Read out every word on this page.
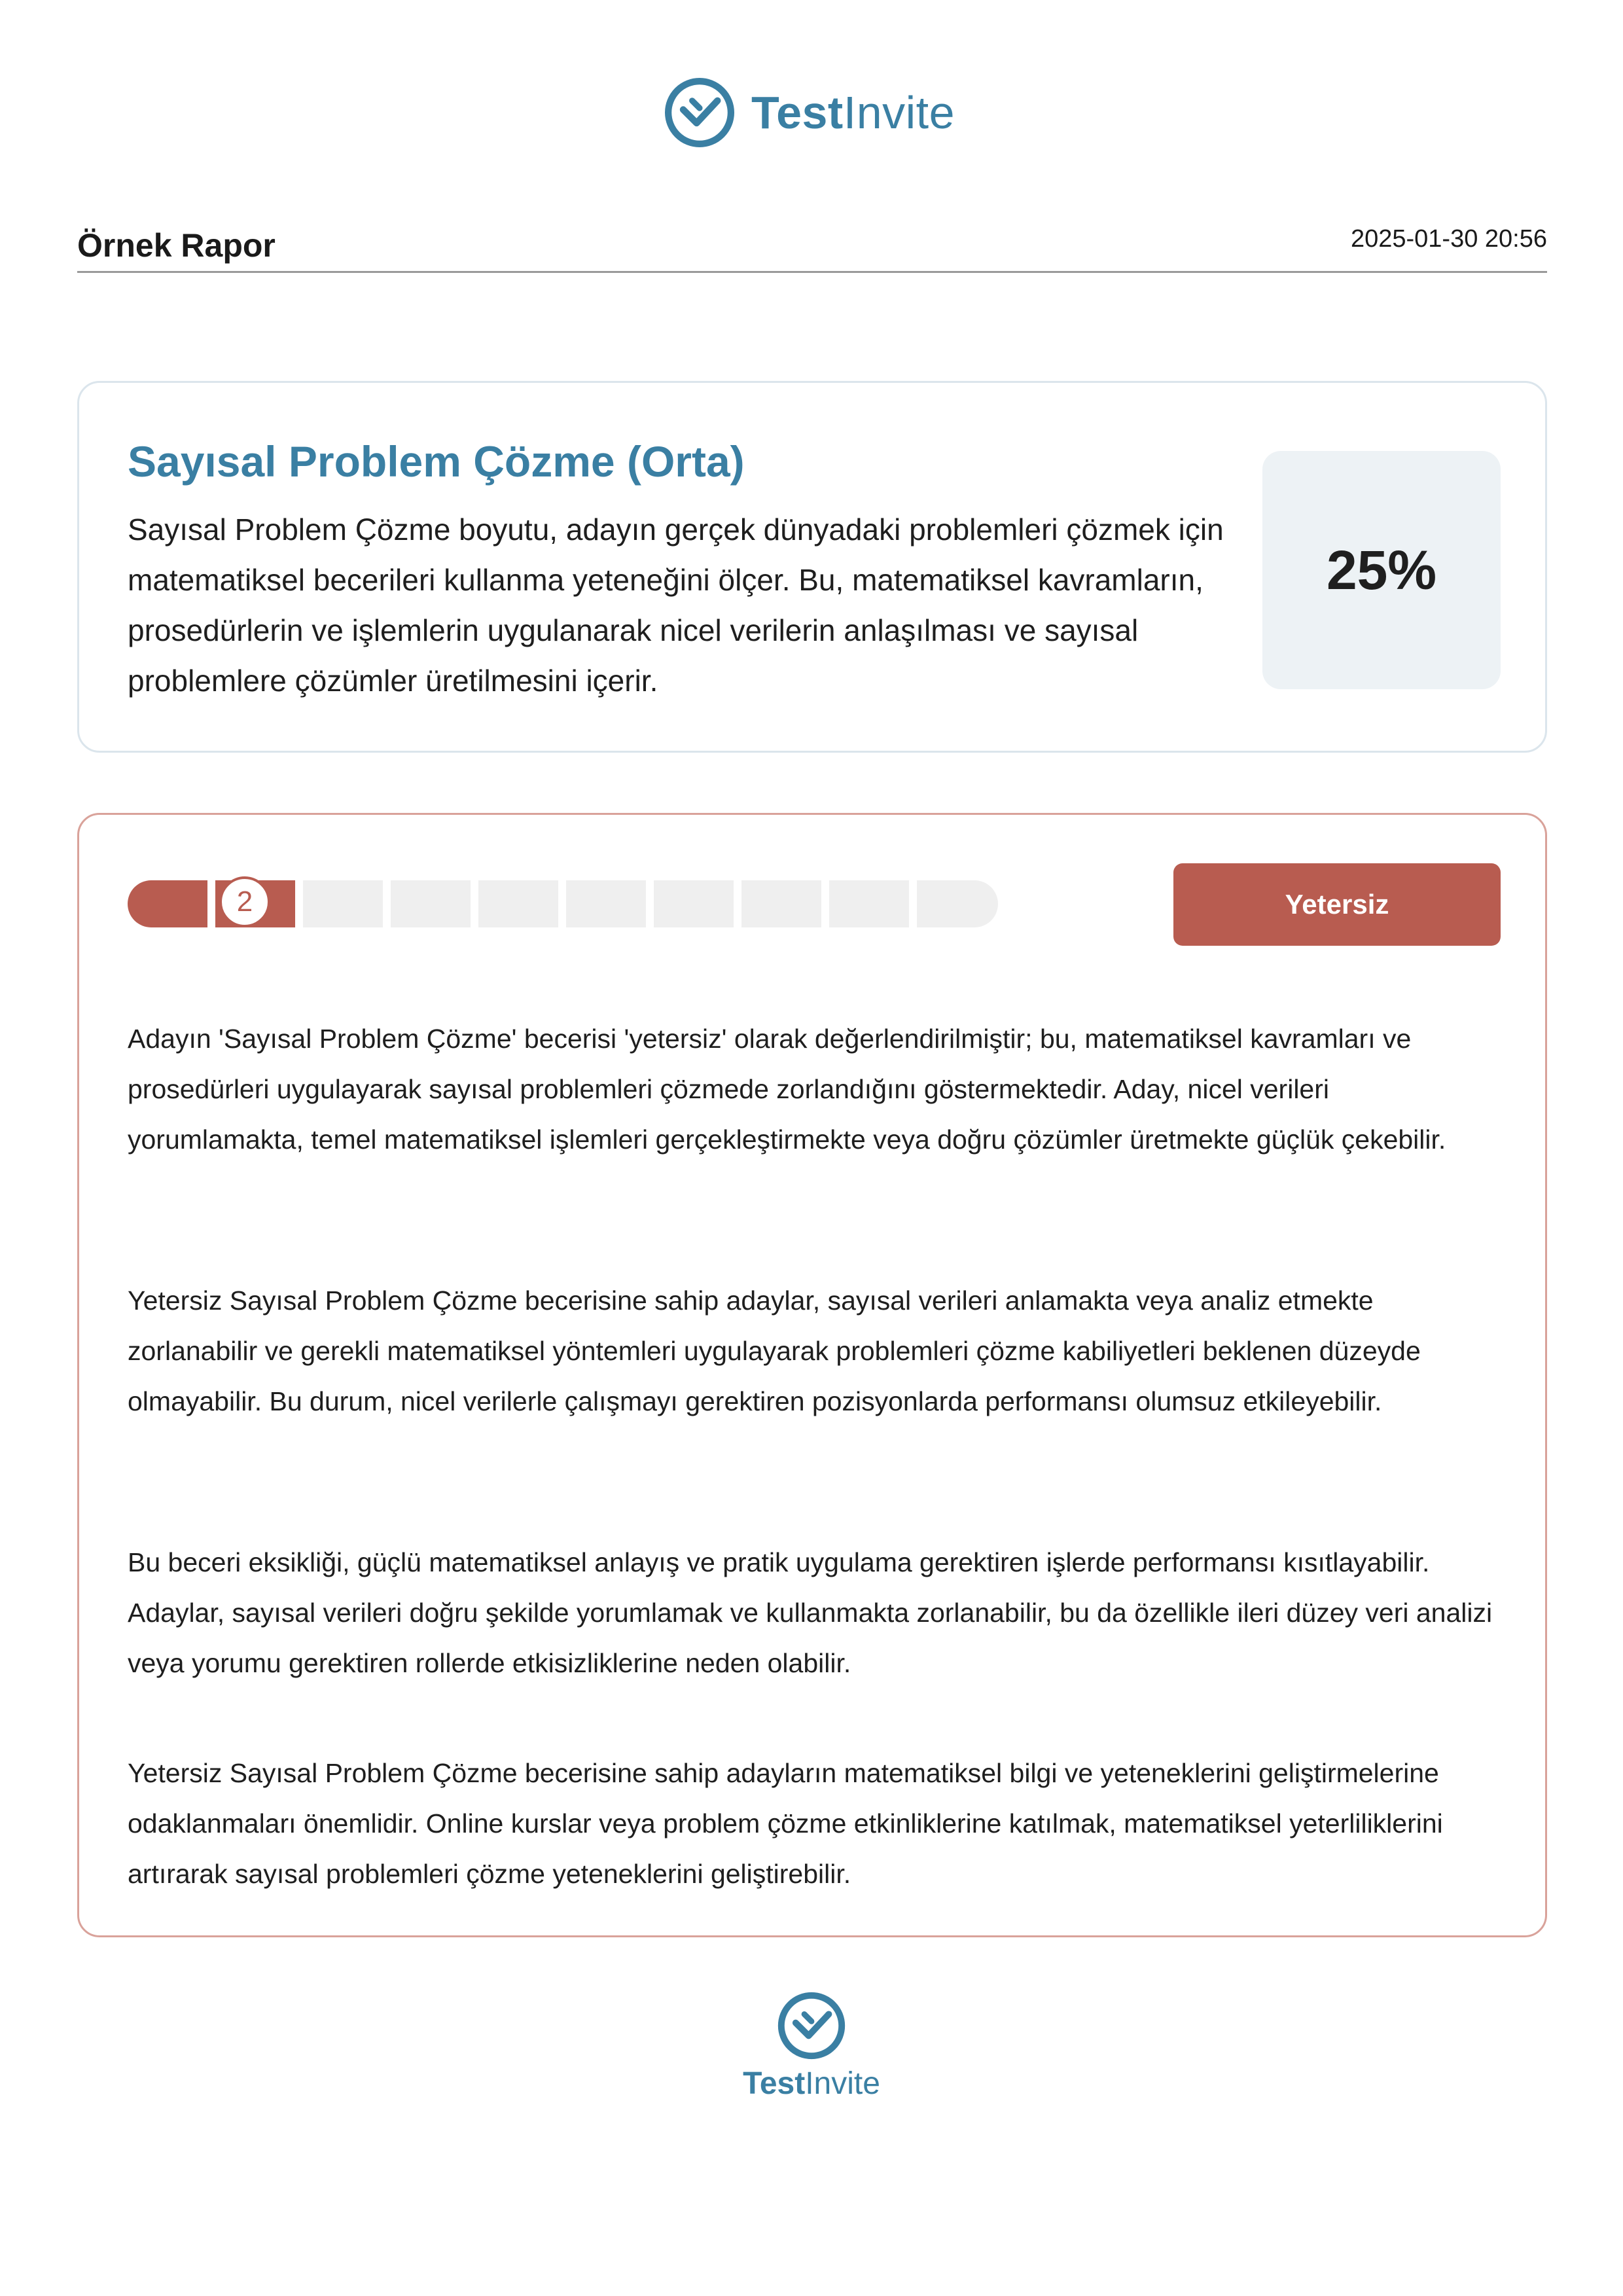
TestInvite
Örnek Rapor	2025-01-30 20:56
Sayısal Problem Çözme (Orta)
Sayısal Problem Çözme boyutu, adayın gerçek dünyadaki problemleri çözmek için matematiksel becerileri kullanma yeteneğini ölçer. Bu, matematiksel kavramların, prosedürlerin ve işlemlerin uygulanarak nicel verilerin anlaşılması ve sayısal problemlere çözümler üretilmesini içerir.
25%
2	Yetersiz
Adayın 'Sayısal Problem Çözme' becerisi 'yetersiz' olarak değerlendirilmiştir; bu, matematiksel kavramları ve prosedürleri uygulayarak sayısal problemleri çözmede zorlandığını göstermektedir. Aday, nicel verileri yorumlamakta, temel matematiksel işlemleri gerçekleştirmekte veya doğru çözümler üretmekte güçlük çekebilir.
Yetersiz Sayısal Problem Çözme becerisine sahip adaylar, sayısal verileri anlamakta veya analiz etmekte zorlanabilir ve gerekli matematiksel yöntemleri uygulayarak problemleri çözme kabiliyetleri beklenen düzeyde olmayabilir. Bu durum, nicel verilerle çalışmayı gerektiren pozisyonlarda performansı olumsuz etkileyebilir.
Bu beceri eksikliği, güçlü matematiksel anlayış ve pratik uygulama gerektiren işlerde performansı kısıtlayabilir. Adaylar, sayısal verileri doğru şekilde yorumlamak ve kullanmakta zorlanabilir, bu da özellikle ileri düzey veri analizi veya yorumu gerektiren rollerde etkisizliklerine neden olabilir.
Yetersiz Sayısal Problem Çözme becerisine sahip adayların matematiksel bilgi ve yeteneklerini geliştirmelerine odaklanmaları önemlidir. Online kurslar veya problem çözme etkinliklerine katılmak, matematiksel yeterliliklerini artırarak sayısal problemleri çözme yeteneklerini geliştirebilir.
TestInvite
